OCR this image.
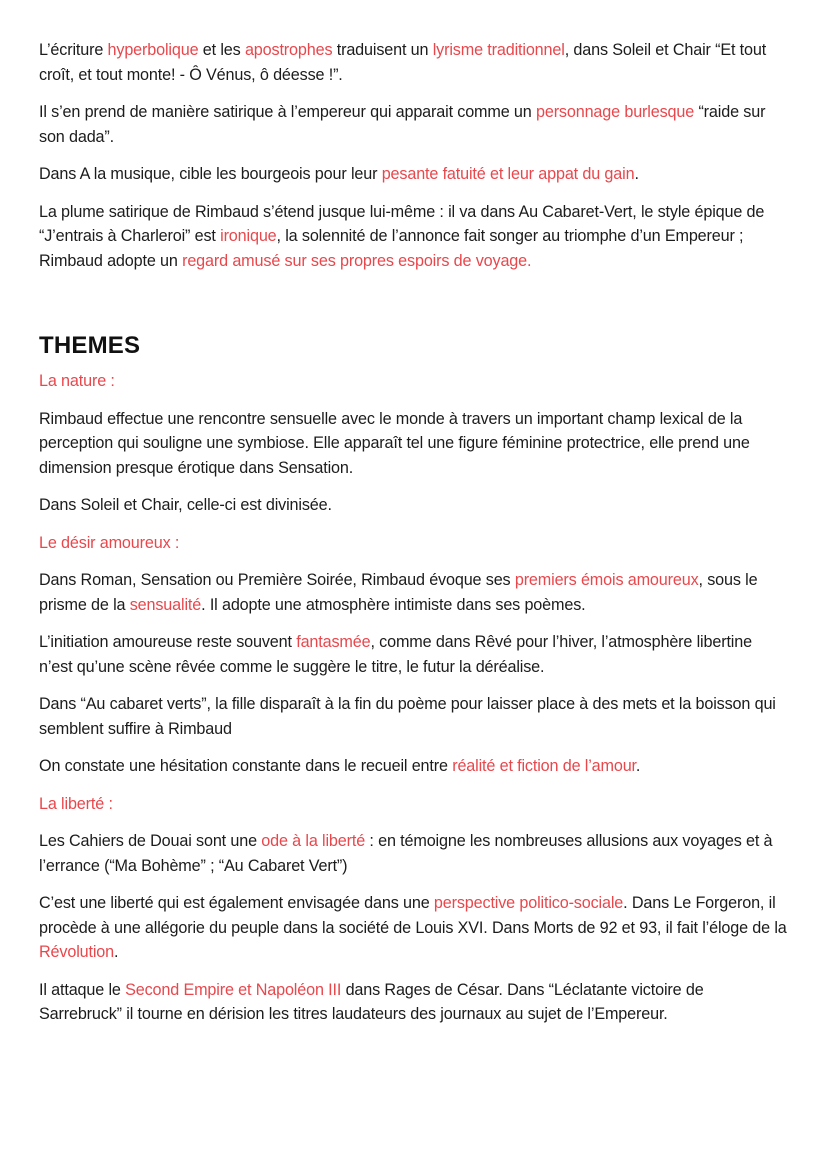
L’écriture hyperbolique et les apostrophes traduisent un lyrisme traditionnel, dans Soleil et Chair “Et tout croît, et tout monte! - Ô Vénus, ô déesse !”.

Il s’en prend de manière satirique à l’empereur qui apparait comme un personnage burlesque “raide sur son dada”.

Dans A la musique, cible les bourgeois pour leur pesante fatuité et leur appat du gain.

La plume satirique de Rimbaud s’étend jusque lui-même : il va dans Au Cabaret-Vert, le style épique de “J’entrais à Charleroi” est ironique, la solennité de l’annonce fait songer au triomphe d’un Empereur ; Rimbaud adopte un regard amusé sur ses propres espoirs de voyage.

THEMES

La nature :

Rimbaud effectue une rencontre sensuelle avec le monde à travers un important champ lexical de la perception qui souligne une symbiose. Elle apparaît tel une figure féminine protectrice, elle prend une dimension presque érotique dans Sensation.

Dans Soleil et Chair, celle-ci est divinisée.

Le désir amoureux :

Dans Roman, Sensation ou Première Soirée, Rimbaud évoque ses premiers émois amoureux, sous le prisme de la sensualité. Il adopte une atmosphère intimiste dans ses poèmes.

L’initiation amoureuse reste souvent fantasmée, comme dans Rêvé pour l’hiver, l’atmosphère libertine n’est qu’une scène rêvée comme le suggère le titre, le futur la déréalise.

Dans “Au cabaret verts”, la fille disparaît à la fin du poème pour laisser place à des mets et la boisson qui semblent suffire à Rimbaud

On constate une hésitation constante dans le recueil entre réalité et fiction de l’amour.

La liberté :

Les Cahiers de Douai sont une ode à la liberté : en témoigne les nombreuses allusions aux voyages et à l’errance (“Ma Bohème” ; “Au Cabaret Vert”)

C’est une liberté qui est également envisagée dans une perspective politico-sociale. Dans Le Forgeron, il procède à une allégorie du peuple dans la société de Louis XVI. Dans Morts de 92 et 93, il fait l’éloge de la Révolution.

Il attaque le Second Empire et Napoléon III dans Rages de César. Dans “Léclatante victoire de Sarrebruck” il tourne en dérision les titres laudateurs des journaux au sujet de l’Empereur.
